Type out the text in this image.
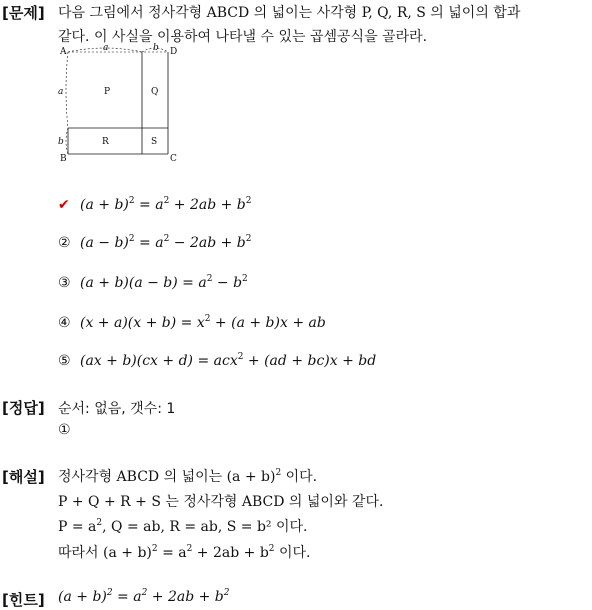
[문제] 다음 그림에서 정사각형 ABCD 의 넓이는 사각형 P, Q, R, S 의 넓이의 합과
같다. 이 사실을 이용하여 나타낼 수 있는 곱셈공식을 골라라.
A	D
B	C
a	b
a
b
P	Q
R	S
✔ $(a + b)^2 = a^2 + 2ab + b^2$
② $(a - b)^2 = a^2 - 2ab + b^2$
③ $(a + b)(a - b) = a^2 - b^2$
④ $(x + a)(x + b) = x^2 + (a + b)x$ + ab
⑤ (ax + b)(cx + d) = acx$^2$ + (ad + bc)x + bd
[정답] 순서: 없음, 갯수: 1
①
[해설] 정사각형 ABCD 의 넓이는 $(a + b)^2$ 이다.
P + Q + R + S 는 정사각형 ABCD 의 넓이와 같다.
$P = a^2$, Q = ab, R = ab, S = b² 이다.
따라서 $(a + b)^2 = a^2 + 2ab + b^2$ 이다.
[힌트] $(a + b)^2 = a^2 + 2ab + b^2$
